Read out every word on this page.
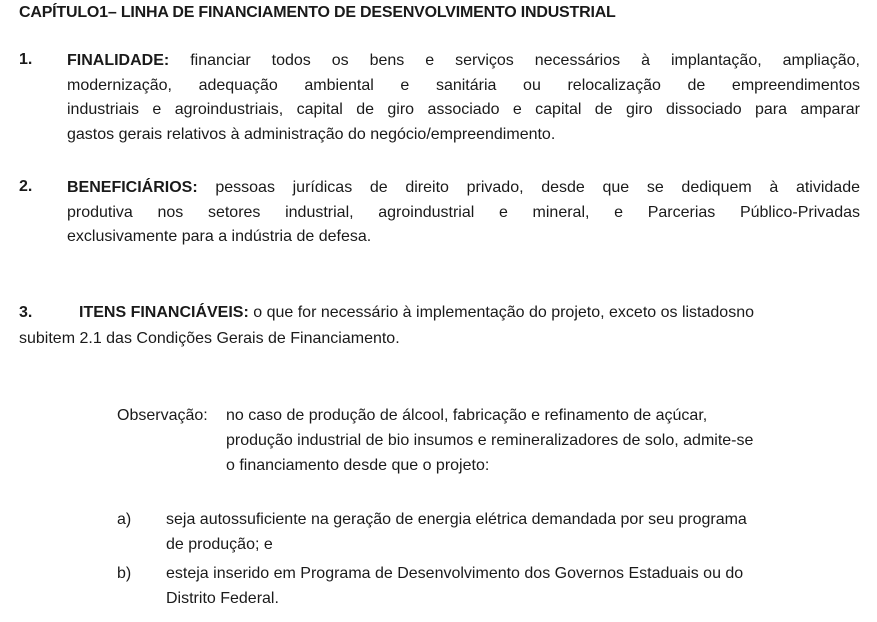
CAPÍTULO1– LINHA DE FINANCIAMENTO DE DESENVOLVIMENTO INDUSTRIAL
1. FINALIDADE: financiar todos os bens e serviços necessários à implantação, ampliação,
modernização, adequação ambiental e sanitária ou relocalização de empreendimentos
industriais e agroindustriais, capital de giro associado e capital de giro dissociado para amparar
gastos gerais relativos à administração do negócio/empreendimento.
2. BENEFICIÁRIOS: pessoas jurídicas de direito privado, desde que se dediquem à atividade
produtiva nos setores industrial, agroindustrial e mineral, e Parcerias Público-Privadas
exclusivamente para a indústria de defesa.
3.	ITENS FINANCIÁVEIS: o que for necessário à implementação do projeto, exceto os listadosno
subitem 2.1 das Condições Gerais de Financiamento.
Observação: no caso de produção de álcool, fabricação e refinamento de açúcar,
produção industrial de bio insumos e remineralizadores de solo, admite-se
o financiamento desde que o projeto:
a) seja autossuficiente na geração de energia elétrica demandada por seu programa
de produção; e
b) esteja inserido em Programa de Desenvolvimento dos Governos Estaduais ou do
Distrito Federal.
